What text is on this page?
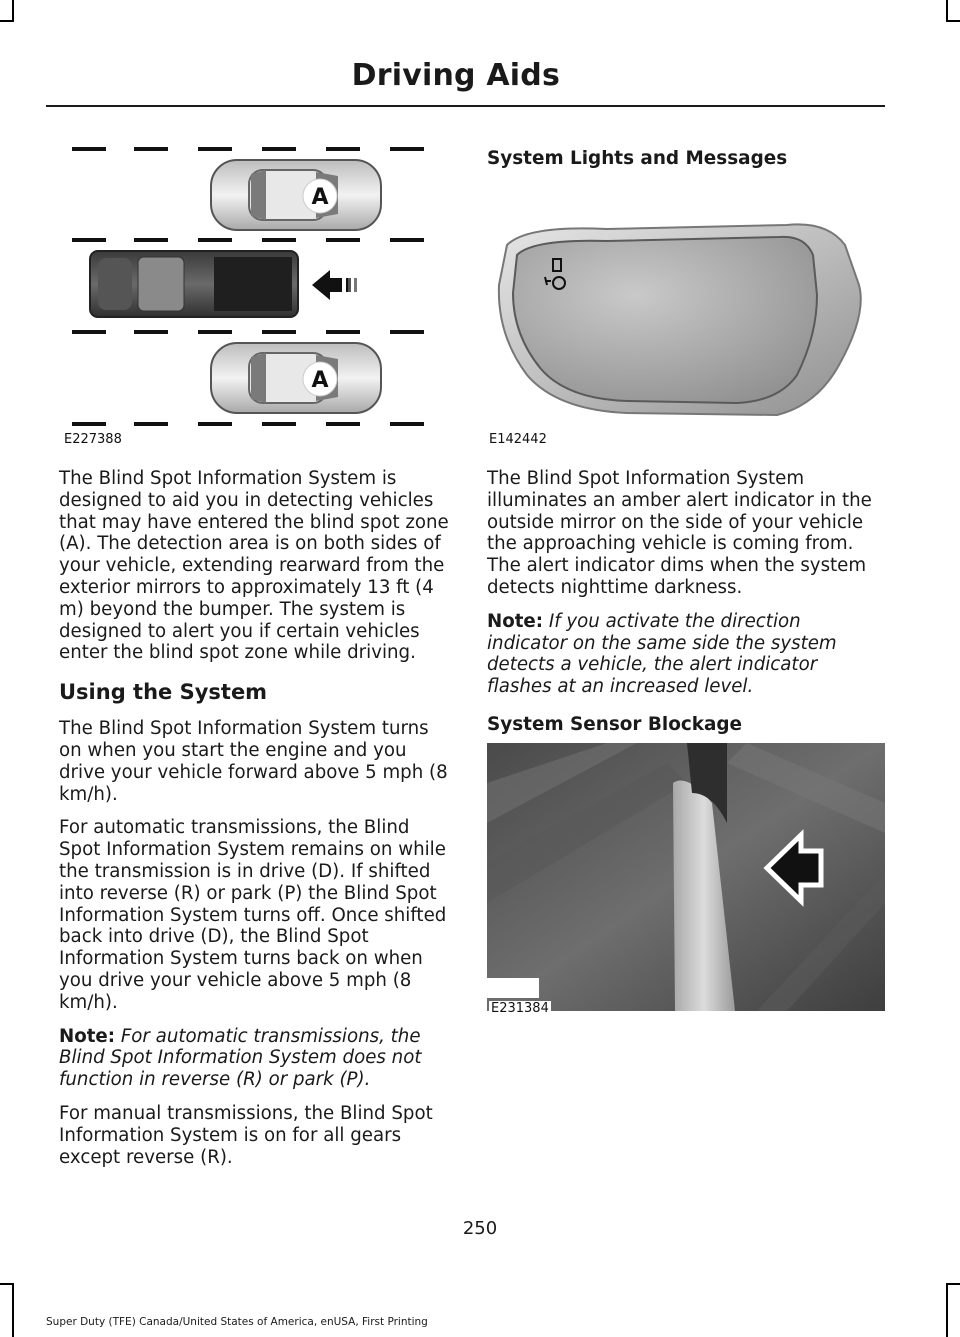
Driving Aids
A
A
E227388

The Blind Spot Information System is designed to aid you in detecting vehicles that may have entered the blind spot zone (A). The detection area is on both sides of your vehicle, extending rearward from the exterior mirrors to approximately 13 ft (4 m) beyond the bumper. The system is designed to alert you if certain vehicles enter the blind spot zone while driving.

Using the System

The Blind Spot Information System turns on when you start the engine and you drive your vehicle forward above 5 mph (8 km/h).

For automatic transmissions, the Blind Spot Information System remains on while the transmission is in drive (D). If shifted into reverse (R) or park (P) the Blind Spot Information System turns off. Once shifted back into drive (D), the Blind Spot Information System turns back on when you drive your vehicle above 5 mph (8 km/h).

Note: For automatic transmissions, the Blind Spot Information System does not function in reverse (R) or park (P).

For manual transmissions, the Blind Spot Information System is on for all gears except reverse (R).

System Lights and Messages
E142442

The Blind Spot Information System illuminates an amber alert indicator in the outside mirror on the side of your vehicle the approaching vehicle is coming from. The alert indicator dims when the system detects nighttime darkness.

Note: If you activate the direction indicator on the same side the system detects a vehicle, the alert indicator flashes at an increased level.

System Sensor Blockage

E231384
250
Super Duty (TFE) Canada/United States of America, enUSA, First Printing
